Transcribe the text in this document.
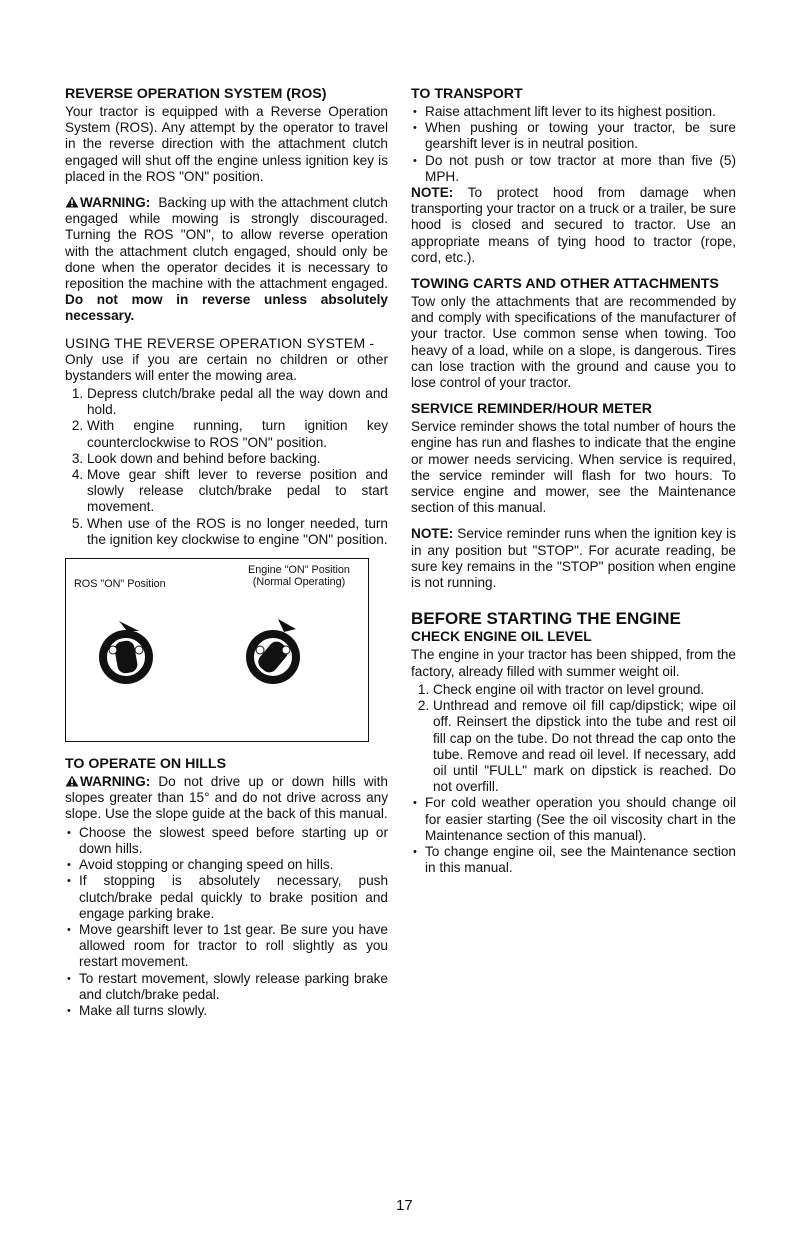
REVERSE OPERATION SYSTEM (ROS)

Your tractor is equipped with a Reverse Operation System (ROS). Any attempt by the operator to travel in the reverse direction with the attachment clutch engaged will shut off the engine unless ignition key is placed in the ROS "ON" position.

WARNING: Backing up with the attachment clutch engaged while mowing is strongly discouraged. Turning the ROS "ON", to allow reverse operation with the attachment clutch engaged, should only be done when the operator decides it is necessary to reposition the machine with the attachment engaged. Do not mow in reverse unless absolutely necessary.

USING THE REVERSE OPERATION SYSTEM -

Only use if you are certain no children or other bystanders will enter the mowing area.

1. Depress clutch/brake pedal all the way down and hold.
2. With engine running, turn ignition key counterclockwise to ROS "ON" position.
3. Look down and behind before backing.
4. Move gear shift lever to reverse position and slowly release clutch/brake pedal to start movement.
5. When use of the ROS is no longer needed, turn the ignition key clockwise to engine "ON" position.
ROS "ON" Position
Engine "ON" Position
(Normal Operating)
TO OPERATE ON HILLS

WARNING: Do not drive up or down hills with slopes greater than 15° and do not drive across any slope. Use the slope guide at the back of this manual.

• Choose the slowest speed before starting up or down hills.
• Avoid stopping or changing speed on hills.
• If stopping is absolutely necessary, push clutch/brake pedal quickly to brake position and engage parking brake.
• Move gearshift lever to 1st gear. Be sure you have allowed room for tractor to roll slightly as you restart movement.
• To restart movement, slowly release parking brake and clutch/brake pedal.
• Make all turns slowly.
TO TRANSPORT
• Raise attachment lift lever to its highest position.
• When pushing or towing your tractor, be sure gearshift lever is in neutral position.
• Do not push or tow tractor at more than five (5) MPH.

NOTE: To protect hood from damage when transporting your tractor on a truck or a trailer, be sure hood is closed and secured to tractor. Use an appropriate means of tying hood to tractor (rope, cord, etc.).

TOWING CARTS AND OTHER ATTACHMENTS

Tow only the attachments that are recommended by and comply with specifications of the manufacturer of your tractor. Use common sense when towing. Too heavy of a load, while on a slope, is dangerous. Tires can lose traction with the ground and cause you to lose control of your tractor.

SERVICE REMINDER/HOUR METER

Service reminder shows the total number of hours the engine has run and flashes to indicate that the engine or mower needs servicing. When service is required, the service reminder will flash for two hours. To service engine and mower, see the Maintenance section of this manual.

NOTE: Service reminder runs when the ignition key is in any position but "STOP". For acurate reading, be sure key remains in the "STOP" position when engine is not running.

BEFORE STARTING THE ENGINE
CHECK ENGINE OIL LEVEL

The engine in your tractor has been shipped, from the factory, already filled with summer weight oil.

1. Check engine oil with tractor on level ground.
2. Unthread and remove oil fill cap/dipstick; wipe oil off. Reinsert the dipstick into the tube and rest oil fill cap on the tube. Do not thread the cap onto the tube. Remove and read oil level. If necessary, add oil until "FULL" mark on dipstick is reached. Do not overfill.
• For cold weather operation you should change oil for easier starting (See the oil viscosity chart in the Maintenance section of this manual).
• To change engine oil, see the Maintenance section in this manual.
17
